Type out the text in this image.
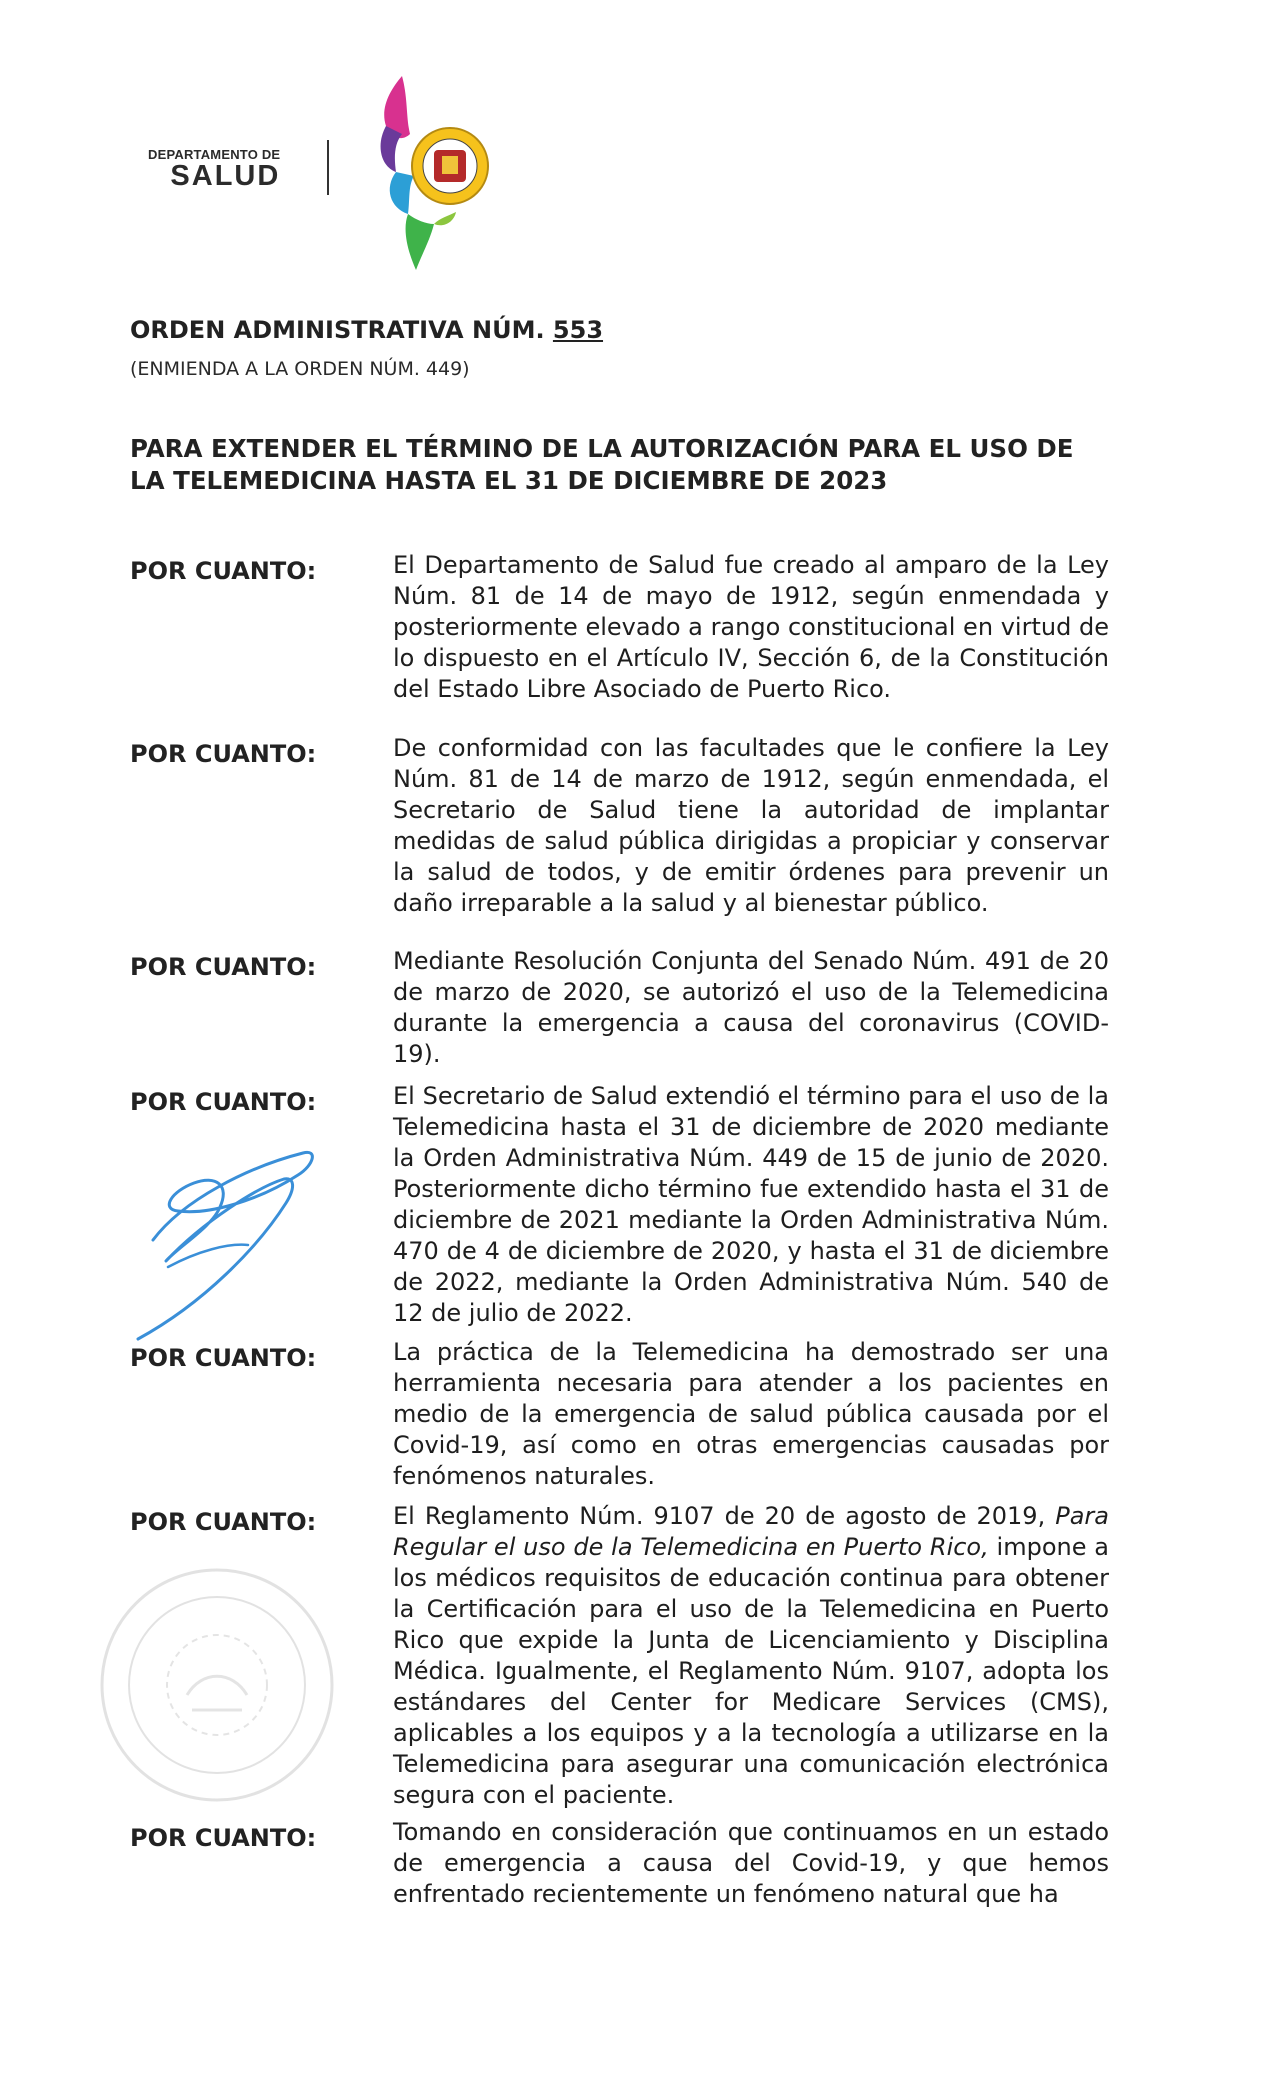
DEPARTAMENTO DE
SALUD
ORDEN ADMINISTRATIVA NÚM. 553
(ENMIENDA A LA ORDEN NÚM. 449)
PARA EXTENDER EL TÉRMINO DE LA AUTORIZACIÓN PARA EL USO DE
LA TELEMEDICINA HASTA EL 31 DE DICIEMBRE DE 2023
POR CUANTO:	El Departamento de Salud fue creado al amparo de la Ley Núm. 81 de 14 de mayo de 1912, según enmendada y posteriormente elevado a rango constitucional en virtud de lo dispuesto en el Artículo IV, Sección 6, de la Constitución del Estado Libre Asociado de Puerto Rico.
POR CUANTO:	De conformidad con las facultades que le confiere la Ley Núm. 81 de 14 de marzo de 1912, según enmendada, el Secretario de Salud tiene la autoridad de implantar medidas de salud pública dirigidas a propiciar y conservar la salud de todos, y de emitir órdenes para prevenir un daño irreparable a la salud y al bienestar público.
POR CUANTO:	Mediante Resolución Conjunta del Senado Núm. 491 de 20 de marzo de 2020, se autorizó el uso de la Telemedicina durante la emergencia a causa del coronavirus (COVID-19).
POR CUANTO:	El Secretario de Salud extendió el término para el uso de la Telemedicina hasta el 31 de diciembre de 2020 mediante la Orden Administrativa Núm. 449 de 15 de junio de 2020. Posteriormente dicho término fue extendido hasta el 31 de diciembre de 2021 mediante la Orden Administrativa Núm. 470 de 4 de diciembre de 2020, y hasta el 31 de diciembre de 2022, mediante la Orden Administrativa Núm. 540 de 12 de julio de 2022.
POR CUANTO:	La práctica de la Telemedicina ha demostrado ser una herramienta necesaria para atender a los pacientes en medio de la emergencia de salud pública causada por el Covid-19, así como en otras emergencias causadas por fenómenos naturales.
POR CUANTO:	El Reglamento Núm. 9107 de 20 de agosto de 2019, Para Regular el uso de la Telemedicina en Puerto Rico, impone a los médicos requisitos de educación continua para obtener la Certificación para el uso de la Telemedicina en Puerto Rico que expide la Junta de Licenciamiento y Disciplina Médica. Igualmente, el Reglamento Núm. 9107, adopta los estándares del Center for Medicare Services (CMS), aplicables a los equipos y a la tecnología a utilizarse en la Telemedicina para asegurar una comunicación electrónica segura con el paciente.
POR CUANTO:	Tomando en consideración que continuamos en un estado de emergencia a causa del Covid-19, y que hemos enfrentado recientemente un fenómeno natural que ha
